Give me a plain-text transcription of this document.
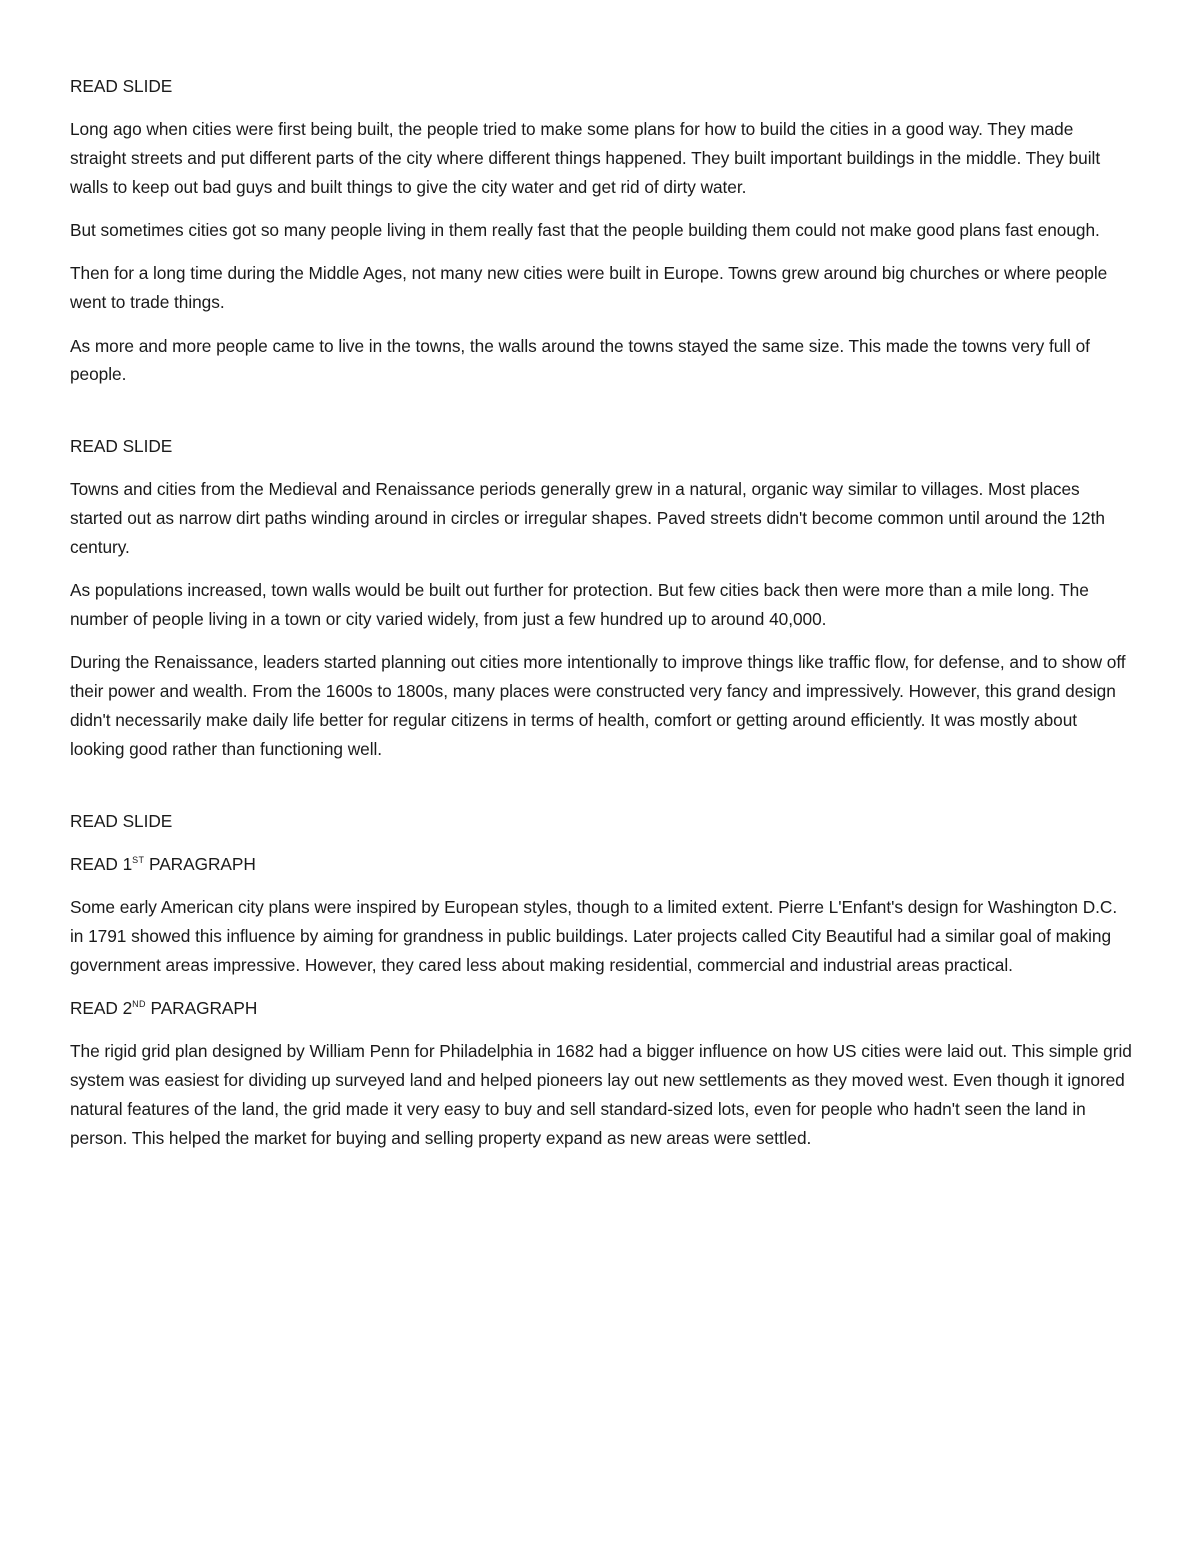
READ SLIDE

Long ago when cities were first being built, the people tried to make some plans for how to build the cities in a good way. They made straight streets and put different parts of the city where different things happened. They built important buildings in the middle. They built walls to keep out bad guys and built things to give the city water and get rid of dirty water.

But sometimes cities got so many people living in them really fast that the people building them could not make good plans fast enough.

Then for a long time during the Middle Ages, not many new cities were built in Europe. Towns grew around big churches or where people went to trade things.

As more and more people came to live in the towns, the walls around the towns stayed the same size. This made the towns very full of people.

READ SLIDE

Towns and cities from the Medieval and Renaissance periods generally grew in a natural, organic way similar to villages. Most places started out as narrow dirt paths winding around in circles or irregular shapes. Paved streets didn't become common until around the 12th century.

As populations increased, town walls would be built out further for protection. But few cities back then were more than a mile long. The number of people living in a town or city varied widely, from just a few hundred up to around 40,000.

During the Renaissance, leaders started planning out cities more intentionally to improve things like traffic flow, for defense, and to show off their power and wealth. From the 1600s to 1800s, many places were constructed very fancy and impressively. However, this grand design didn't necessarily make daily life better for regular citizens in terms of health, comfort or getting around efficiently. It was mostly about looking good rather than functioning well.

READ SLIDE

READ 1ST PARAGRAPH

Some early American city plans were inspired by European styles, though to a limited extent. Pierre L'Enfant's design for Washington D.C. in 1791 showed this influence by aiming for grandness in public buildings. Later projects called City Beautiful had a similar goal of making government areas impressive. However, they cared less about making residential, commercial and industrial areas practical.

READ 2ND PARAGRAPH

The rigid grid plan designed by William Penn for Philadelphia in 1682 had a bigger influence on how US cities were laid out. This simple grid system was easiest for dividing up surveyed land and helped pioneers lay out new settlements as they moved west. Even though it ignored natural features of the land, the grid made it very easy to buy and sell standard-sized lots, even for people who hadn't seen the land in person. This helped the market for buying and selling property expand as new areas were settled.
